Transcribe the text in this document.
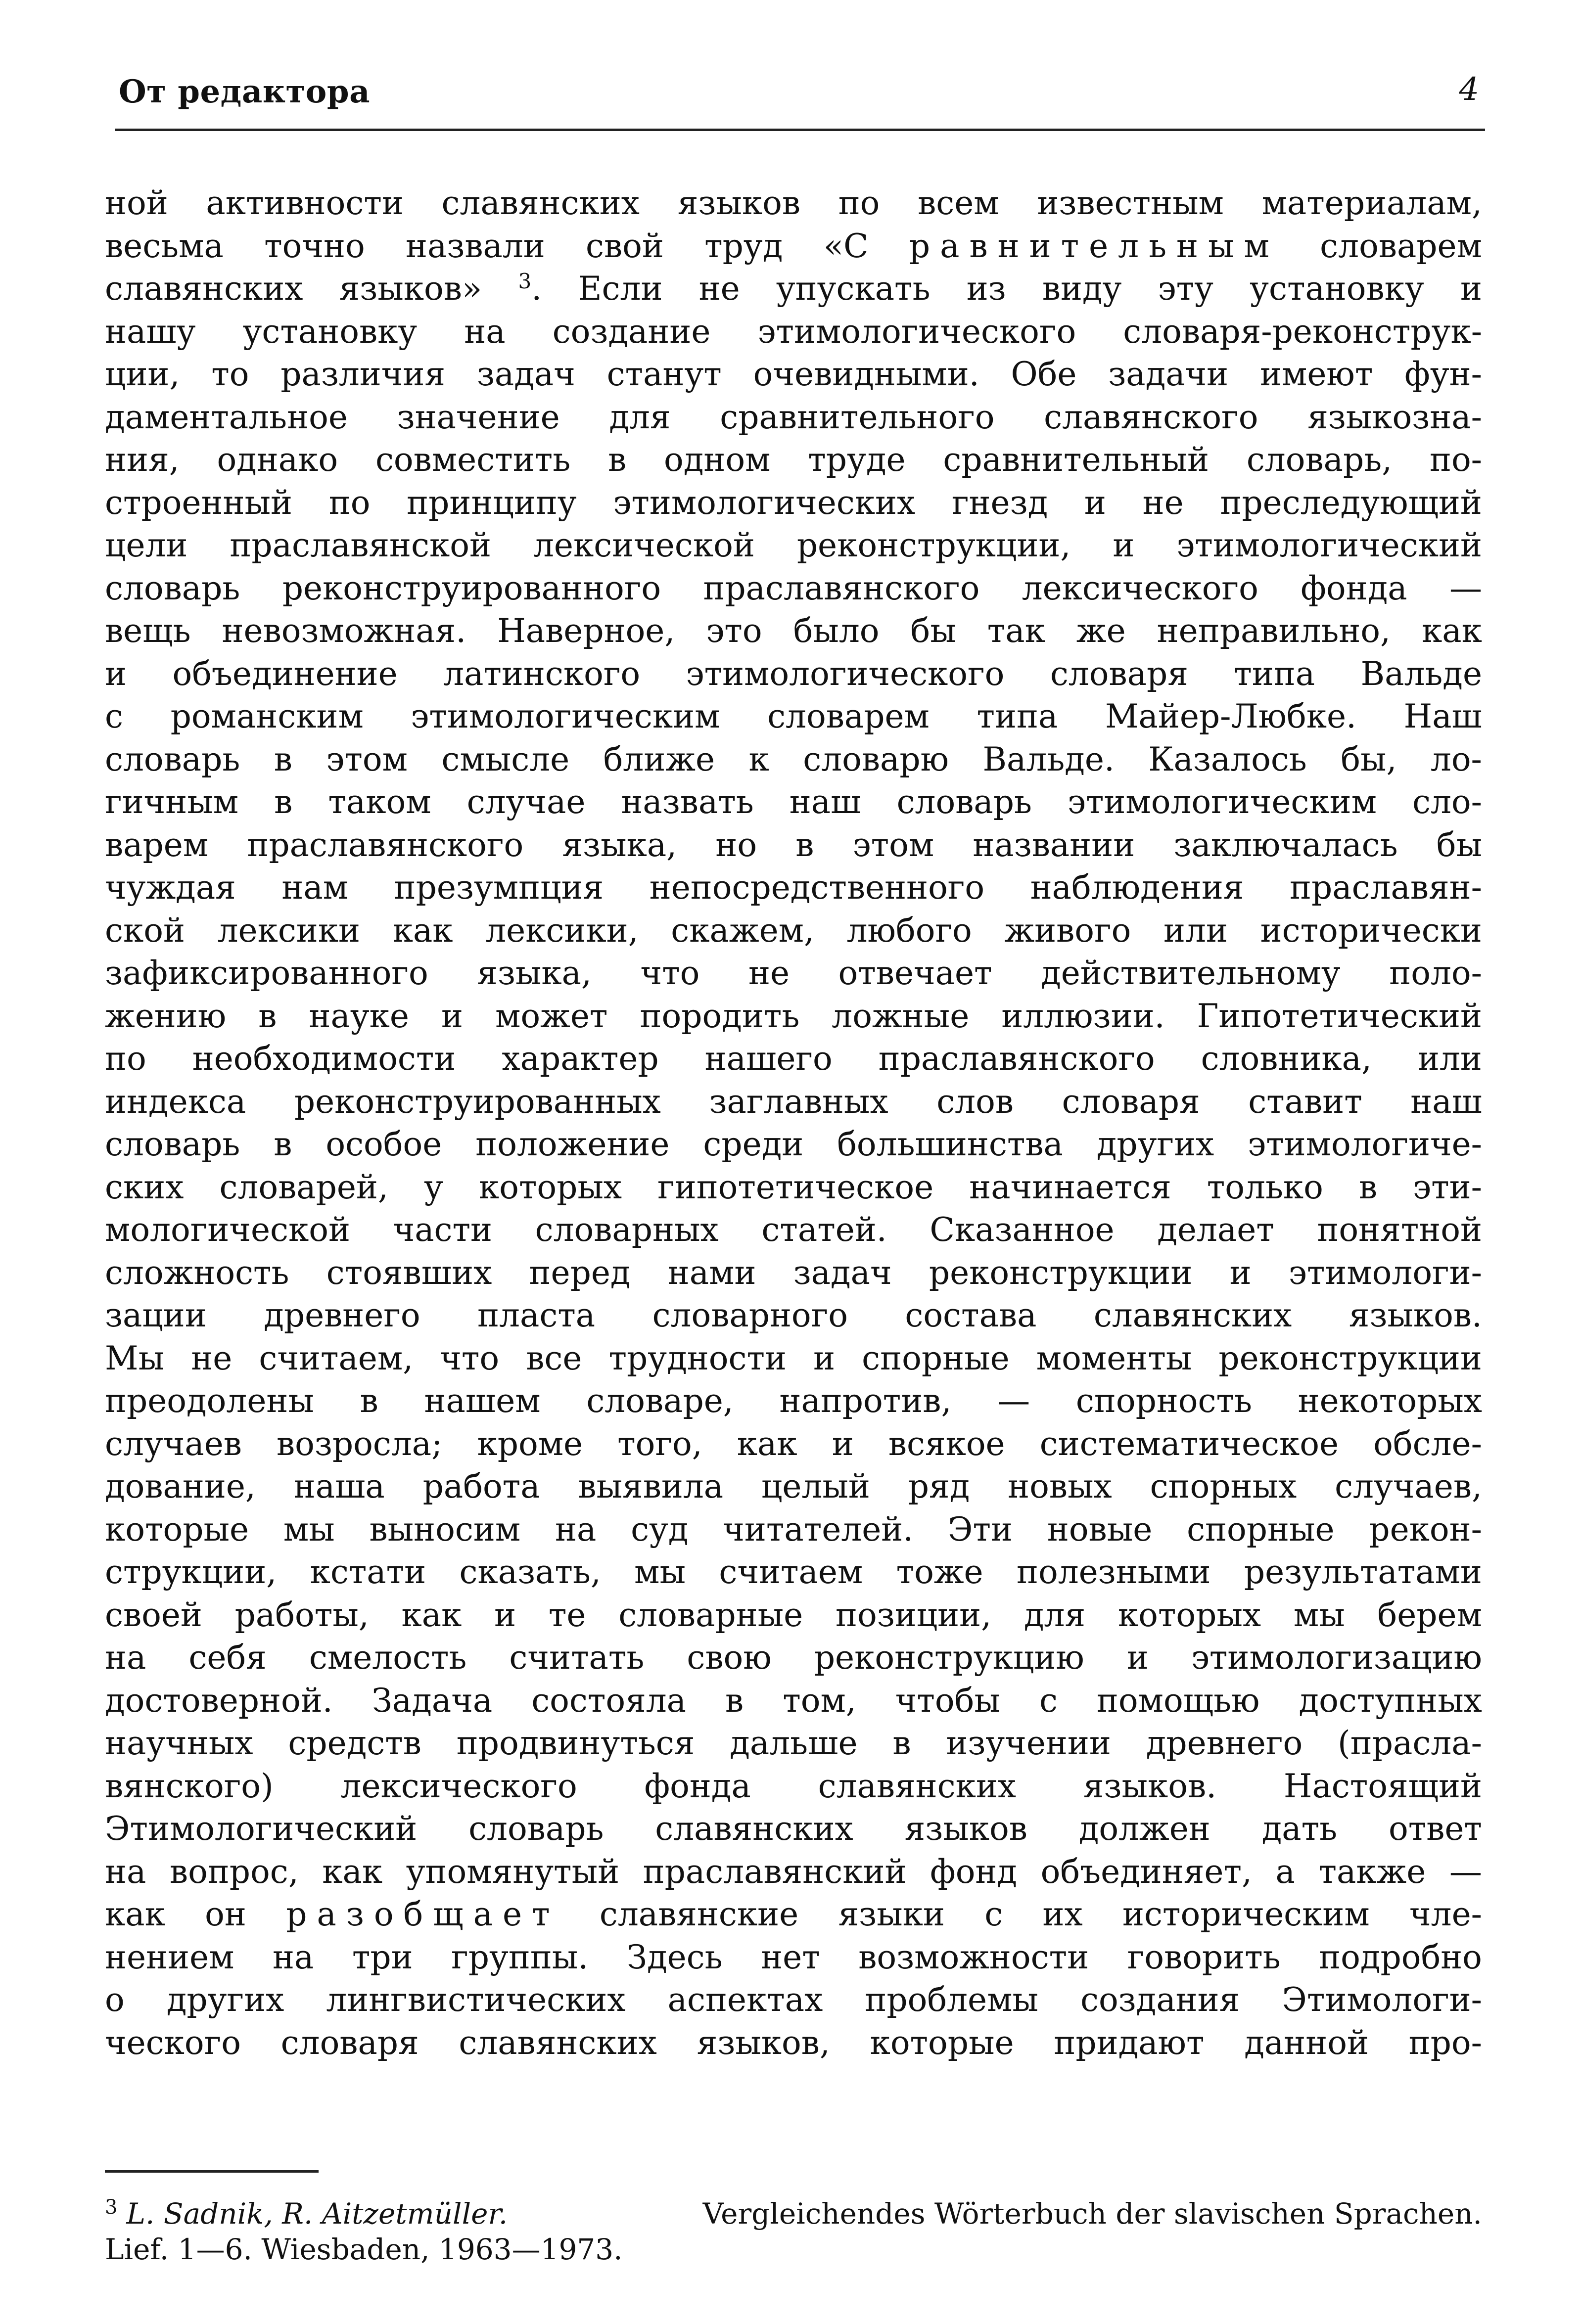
От редактора	4
ной активности славянских языков по всем известным материалам,
весьма точно назвали свой труд «С равнительным словарем
славянских языков» $^3$. Если не упускать из виду эту установку и
нашу установку на создание этимологического словаря-реконструк-
ции, то различия задач станут очевидными. Обе задачи имеют фун-
даментальное значение для сравнительного славянского языкозна-
ния, однако совместить в одном труде сравнительный словарь, по-
строенный по принципу этимологических гнезд и не преследующий
цели праславянской лексической реконструкции, и этимологический
словарь реконструированного праславянского лексического фонда —
вещь невозможная. Наверное, это было бы так же неправильно, как
и объединение латинского этимологического словаря типа Вальде
с романским этимологическим словарем типа Майер-Любке. Наш
словарь в этом смысле ближе к словарю Вальде. Казалось бы, ло-
гичным в таком случае назвать наш словарь этимологическим сло-
варем праславянского языка, но в этом названии заключалась бы
чуждая нам презумпция непосредственного наблюдения праславян-
ской лексики как лексики, скажем, любого живого или исторически
зафиксированного языка, что не отвечает действительному поло-
жению в науке и может породить ложные иллюзии. Гипотетический
по необходимости характер нашего праславянского словника, или
индекса реконструированных заглавных слов словаря ставит наш
словарь в особое положение среди большинства других этимологиче-
ских словарей, у которых гипотетическое начинается только в эти-
мологической части словарных статей. Сказанное делает понятной
сложность стоявших перед нами задач реконструкции и этимологи-
зации древнего пласта словарного состава славянских языков.
Мы не считаем, что все трудности и спорные моменты реконструкции
преодолены в нашем словаре, напротив, — спорность некоторых
случаев возросла; кроме того, как и всякое систематическое обсле-
дование, наша работа выявила целый ряд новых спорных случаев,
которые мы выносим на суд читателей. Эти новые спорные рекон-
струкции, кстати сказать, мы считаем тоже полезными результатами
своей работы, как и те словарные позиции, для которых мы берем
на себя смелость считать свою реконструкцию и этимологизацию
достоверной. Задача состояла в том, чтобы с помощью доступных
научных средств продвинуться дальше в изучении древнего (прасла-
вянского) лексического фонда славянских языков. Настоящий
Этимологический словарь славянских языков должен дать ответ
на вопрос, как упомянутый праславянский фонд объединяет, а также —
как он разобщает славянские языки с их историческим чле-
нением на три группы. Здесь нет возможности говорить подробно
о других лингвистических аспектах проблемы создания Этимологи-
ческого словаря славянских языков, которые придают данной про-
$^3$ L. Sadnik, R. Aitzetmüller.	Vergleichendes Wörterbuch der slavischen Sprachen.
Lief. 1—6. Wiesbaden, 1963—1973.
